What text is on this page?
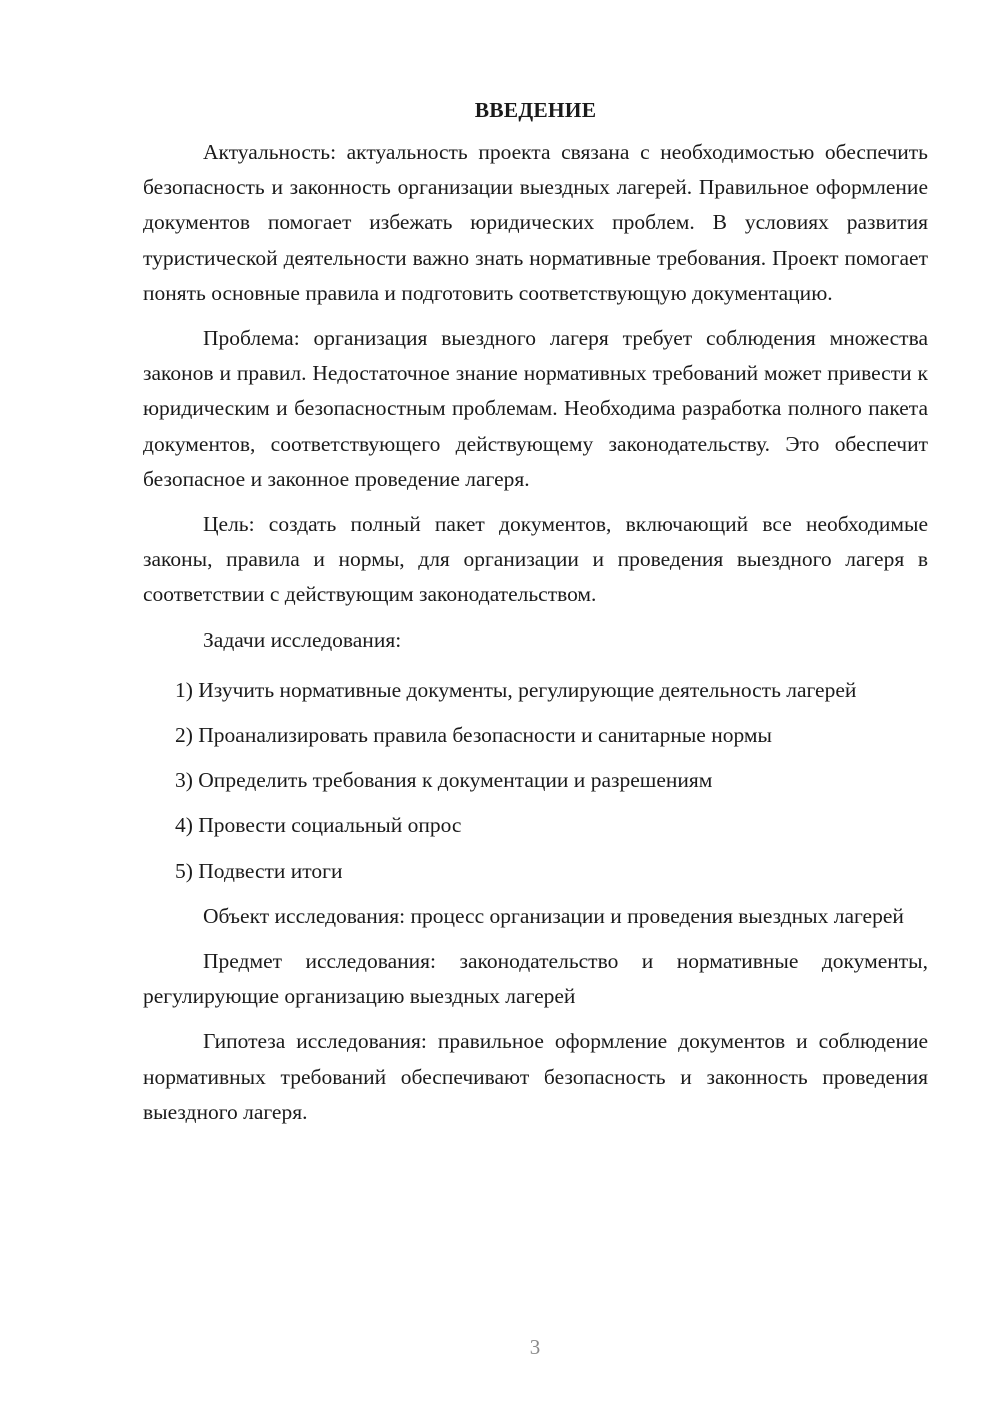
ВВЕДЕНИЕ

Актуальность: актуальность проекта связана с необходимостью обеспечить безопасность и законность организации выездных лагерей. Правильное оформление документов помогает избежать юридических проблем. В условиях развития туристической деятельности важно знать нормативные требования. Проект помогает понять основные правила и подготовить соответствующую документацию.

Проблема: организация выездного лагеря требует соблюдения множества законов и правил. Недостаточное знание нормативных требований может привести к юридическим и безопасностным проблемам. Необходима разработка полного пакета документов, соответствующего действующему законодательству. Это обеспечит безопасное и законное проведение лагеря.

Цель: создать полный пакет документов, включающий все необходимые законы, правила и нормы, для организации и проведения выездного лагеря в соответствии с действующим законодательством.

Задачи исследования:

1) Изучить нормативные документы, регулирующие деятельность лагерей
2) Проанализировать правила безопасности и санитарные нормы
3) Определить требования к документации и разрешениям
4) Провести социальный опрос
5) Подвести итоги

Объект исследования: процесс организации и проведения выездных лагерей

Предмет исследования: законодательство и нормативные документы, регулирующие организацию выездных лагерей

Гипотеза исследования: правильное оформление документов и соблюдение нормативных требований обеспечивают безопасность и законность проведения выездного лагеря.

3
